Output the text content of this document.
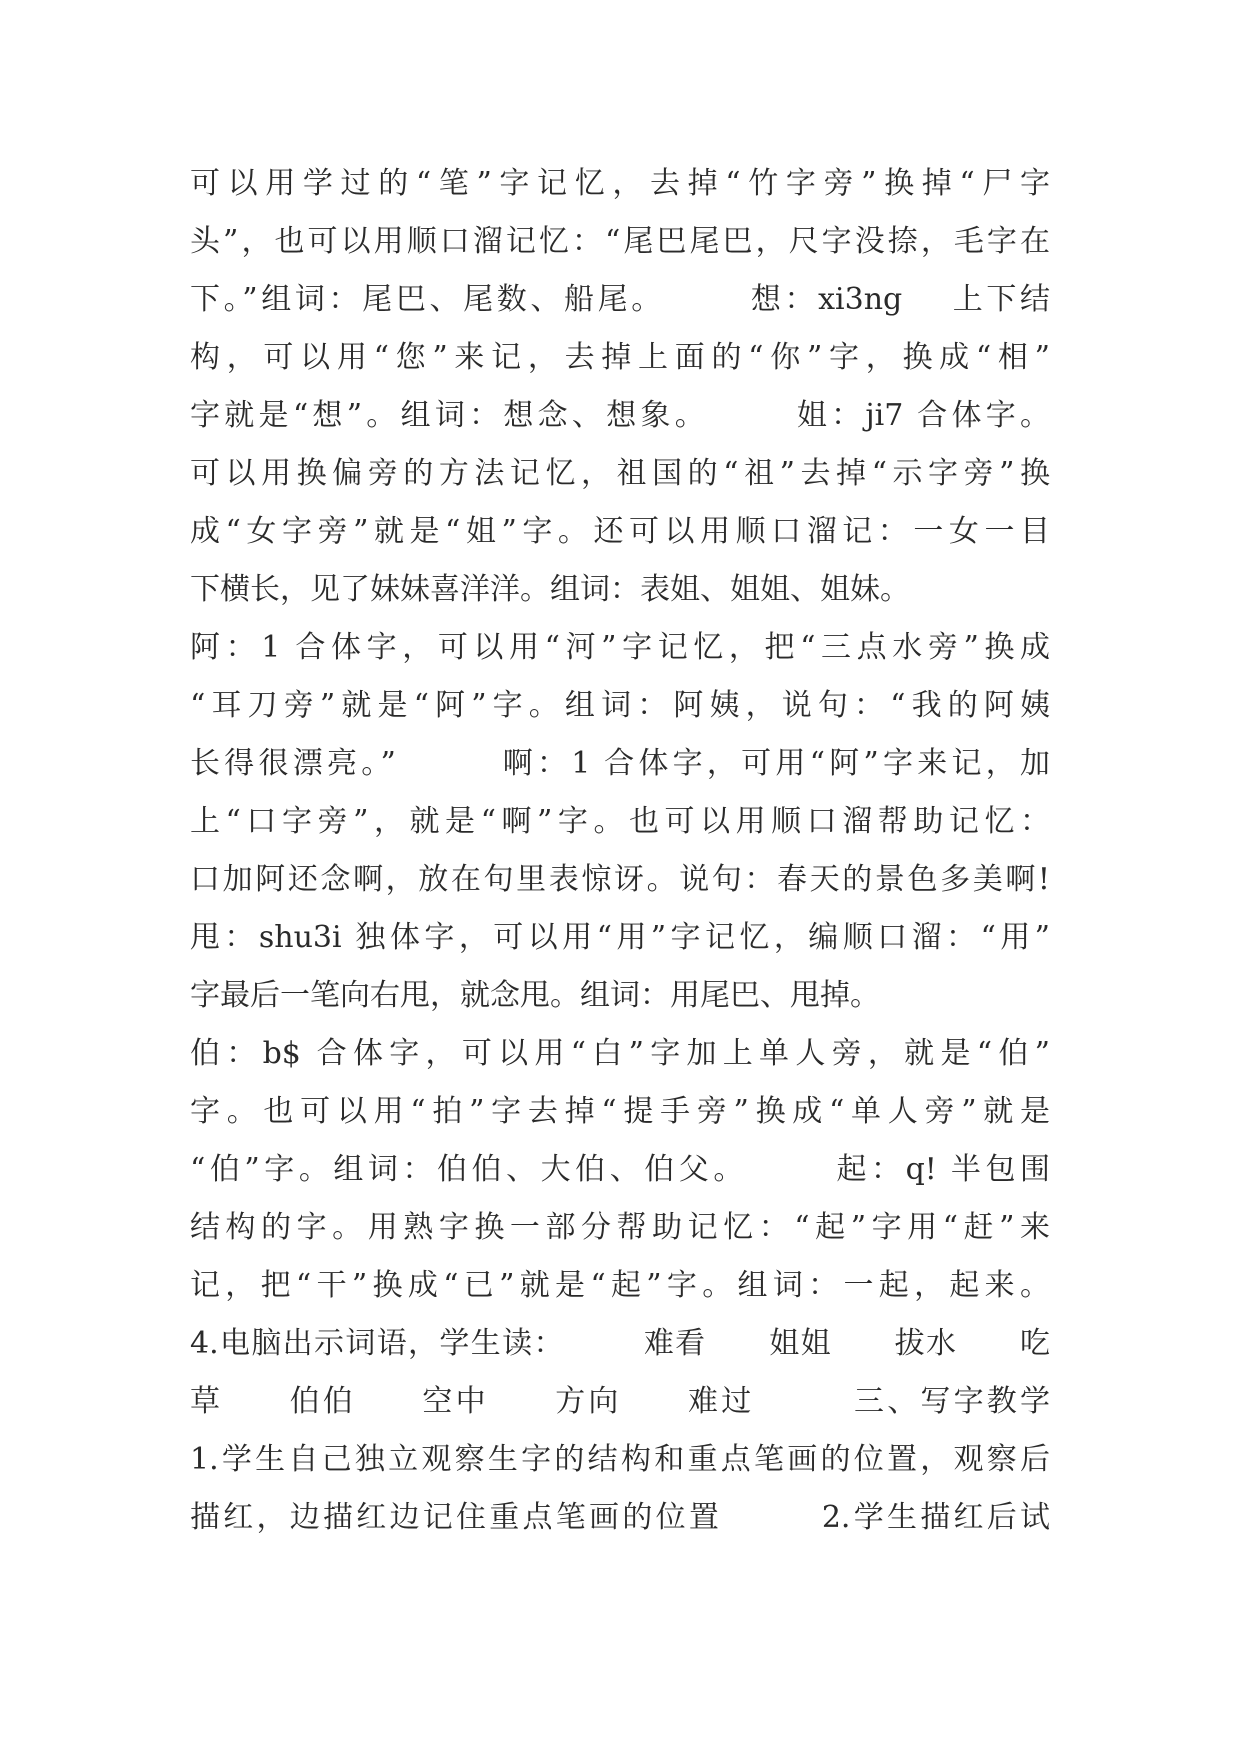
可以用学过的“笔”字记忆，去掉“竹字旁”换掉“尸字
头”，也可以用顺口溜记忆：“尾巴尾巴，尺字没捺，毛字在
下。”组词：尾巴、尾数、船尾。　　　想：xi3ng　 上下结
构，可以用“您”来记，去掉上面的“你”字，换成“相”
字就是“想”。组词：想念、想象。　　　姐：ji7 合体字。
可以用换偏旁的方法记忆，祖国的“祖”去掉“示字旁”换
成“女字旁”就是“姐”字。还可以用顺口溜记：一女一目
下横长，见了妹妹喜洋洋。组词：表姐、姐姐、姐妹。
阿：1 合体字，可以用“河”字记忆，把“三点水旁”换成
“耳刀旁”就是“阿”字。组词：阿姨，说句：“我的阿姨
长得很漂亮。”　　　啊：1 合体字，可用“阿”字来记，加
上“口字旁”，就是“啊”字。也可以用顺口溜帮助记忆：
口加阿还念啊，放在句里表惊讶。说句：春天的景色多美啊!
甩：shu3i 独体字，可以用“用”字记忆，编顺口溜：“用”
字最后一笔向右甩，就念甩。组词：用尾巴、甩掉。
伯：b$ 合体字，可以用“白”字加上单人旁，就是“伯”
字。也可以用“拍”字去掉“提手旁”换成“单人旁”就是
“伯”字。组词：伯伯、大伯、伯父。　　　起：q! 半包围
结构的字。用熟字换一部分帮助记忆：“起”字用“赶”来
记，把“干”换成“已”就是“起”字。组词：一起，起来。
4.电脑出示词语，学生读：　　　难看　　姐姐　　拔水　　吃
草　　伯伯　　空中　　方向　　难过　　　三、写字教学
1.学生自己独立观察生字的结构和重点笔画的位置，观察后
描红，边描红边记住重点笔画的位置　　　2.学生描红后试
